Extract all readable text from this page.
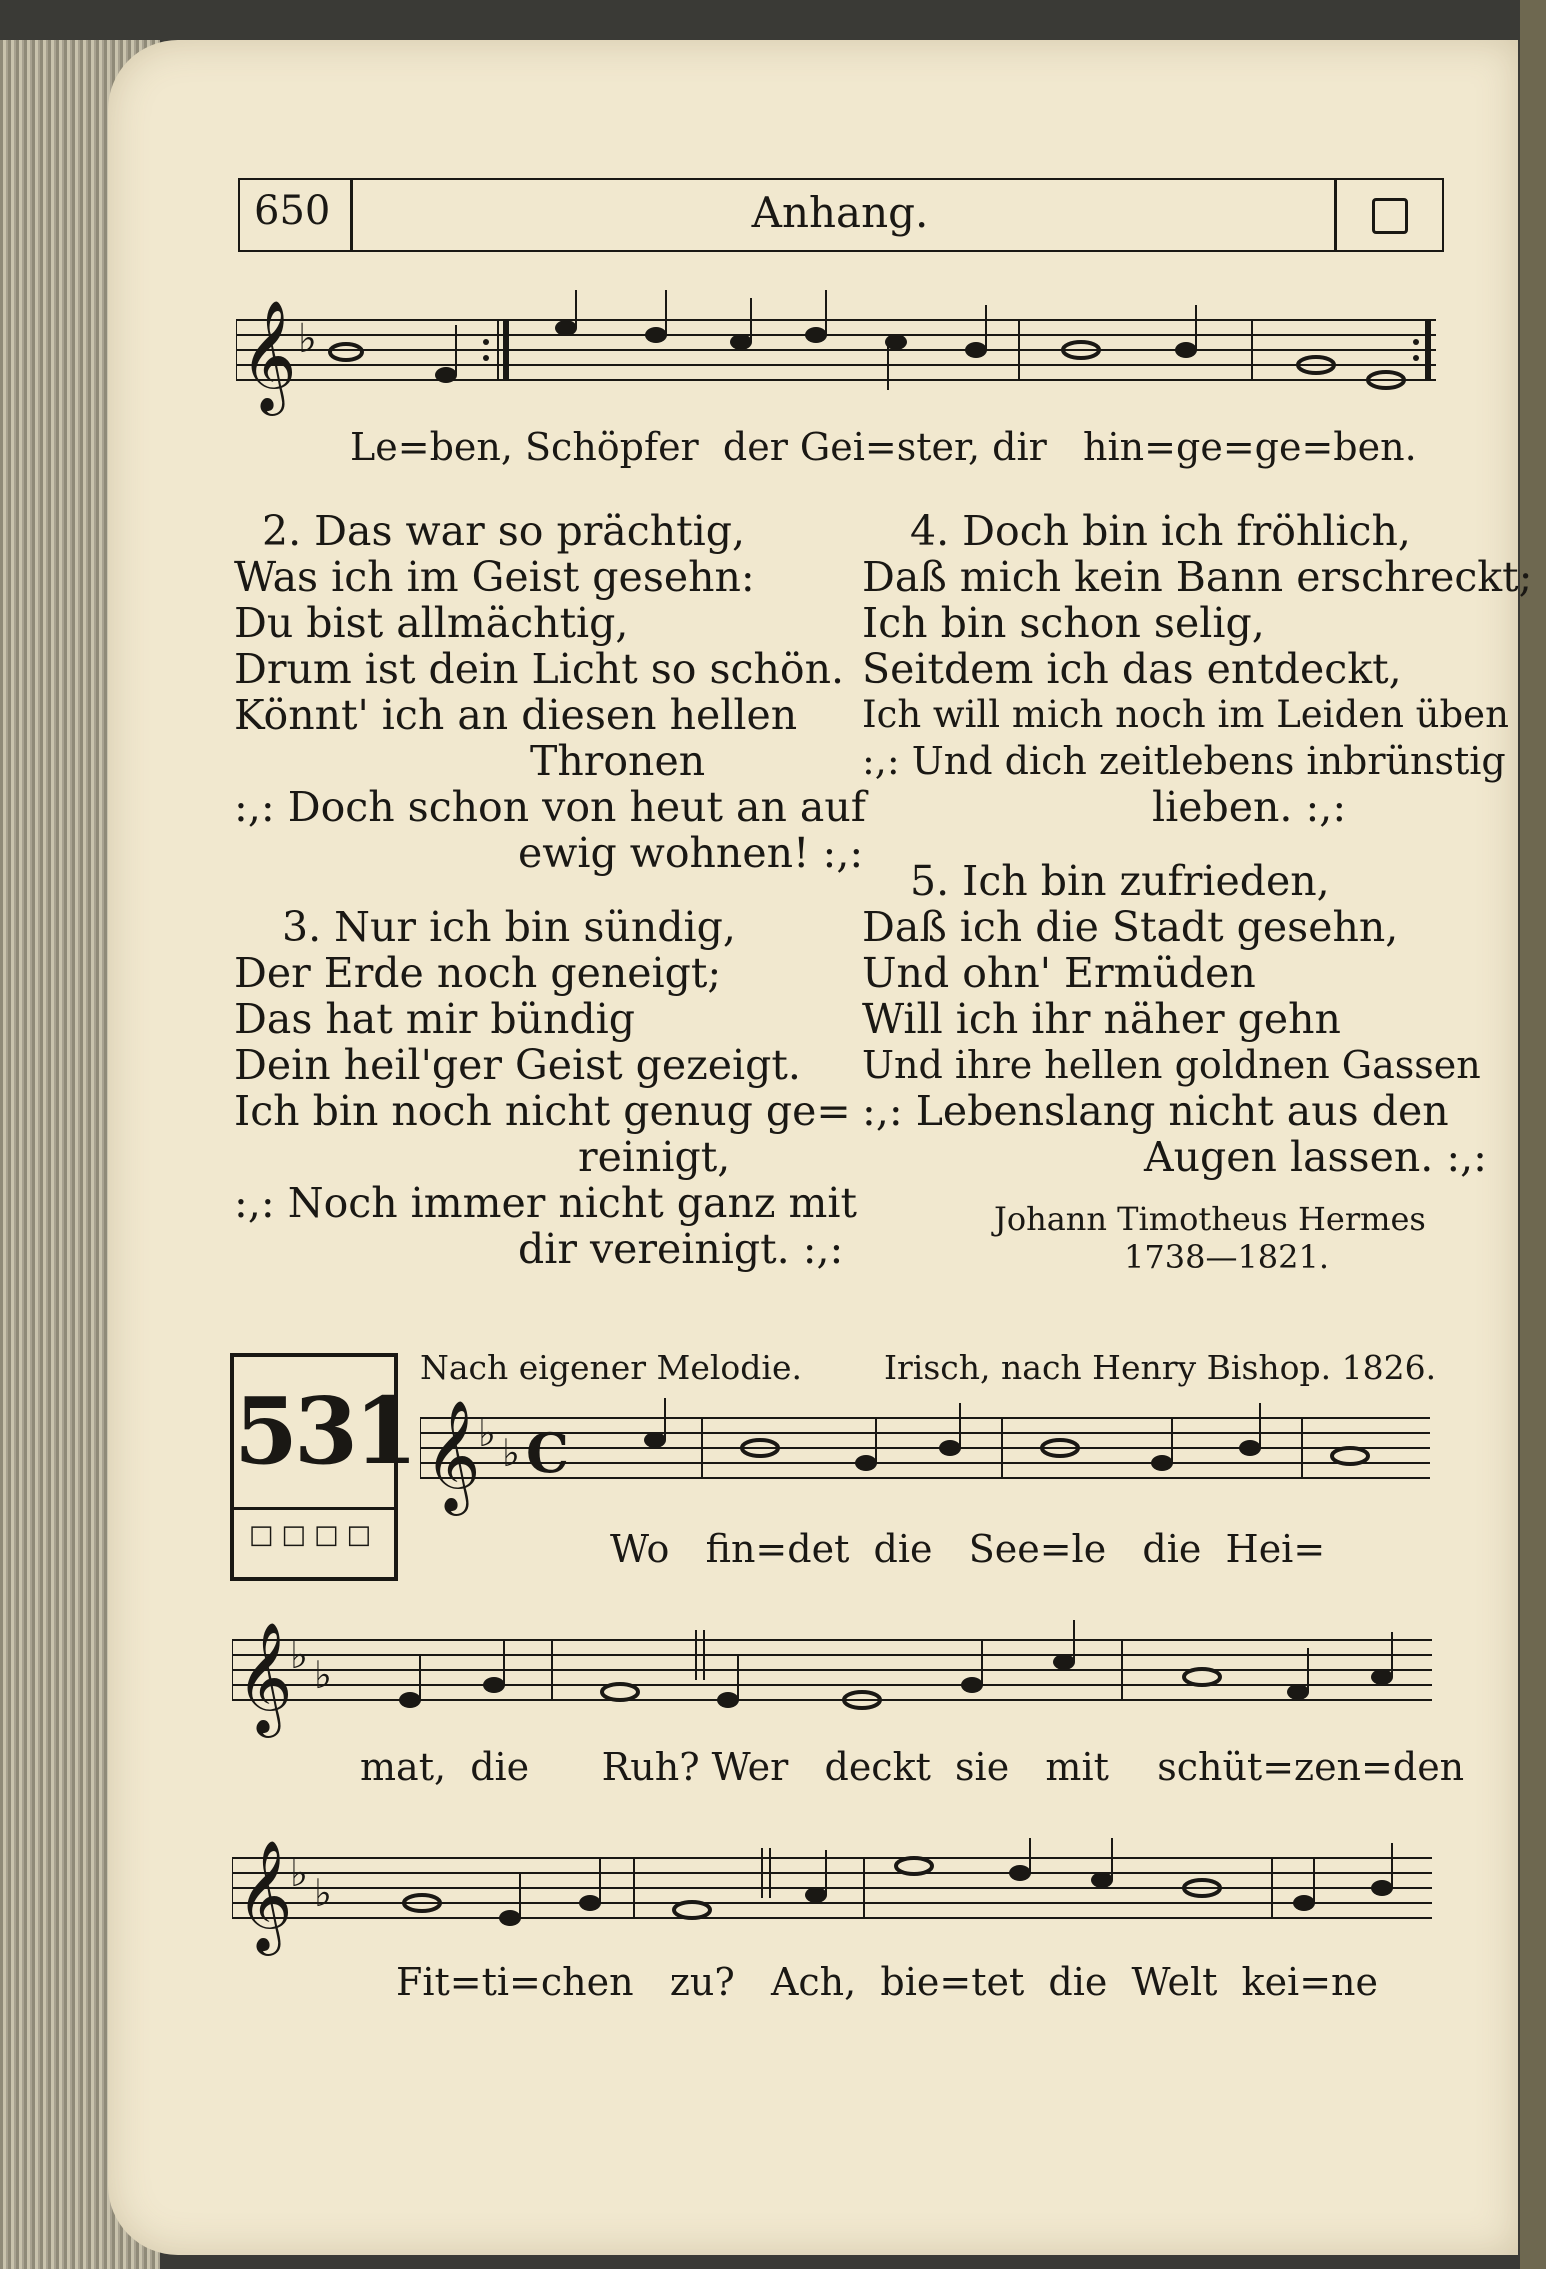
650	Anhang.
𝄞 ♭
Le=ben, Schöpfer  der Gei=ster, dir   hin=ge=ge=ben.
2. Das war so prächtig,
Was ich im Geist gesehn:
Du bist allmächtig,
Drum ist dein Licht so schön.
Könnt' ich an diesen hellen
Thronen
:,: Doch schon von heut an auf
ewig wohnen! :,:
3. Nur ich bin sündig,
Der Erde noch geneigt;
Das hat mir bündig
Dein heil'ger Geist gezeigt.
Ich bin noch nicht genug ge=
reinigt,
:,: Noch immer nicht ganz mit
dir vereinigt. :,:
4. Doch bin ich fröhlich,
Daß mich kein Bann erschreckt;
Ich bin schon selig,
Seitdem ich das entdeckt,
Ich will mich noch im Leiden üben
:,: Und dich zeitlebens inbrünstig
lieben. :,:
5. Ich bin zufrieden,
Daß ich die Stadt gesehn,
Und ohn' Ermüden
Will ich ihr näher gehn
Und ihre hellen goldnen Gassen
:,: Lebenslang nicht aus den
Augen lassen. :,:
Johann Timotheus Hermes
1738—1821.
531
□□□□
Nach eigener Melodie. Irisch, nach Henry Bishop. 1826.
𝄞
♭ ♭ C
Wo   fin=det  die   See=le   die  Hei=
𝄞
♭ ♭
mat,  die      Ruh? Wer   deckt  sie   mit    schüt=zen=den
𝄞
♭ ♭
Fit=ti=chen   zu?   Ach,  bie=tet  die  Welt  kei=ne
